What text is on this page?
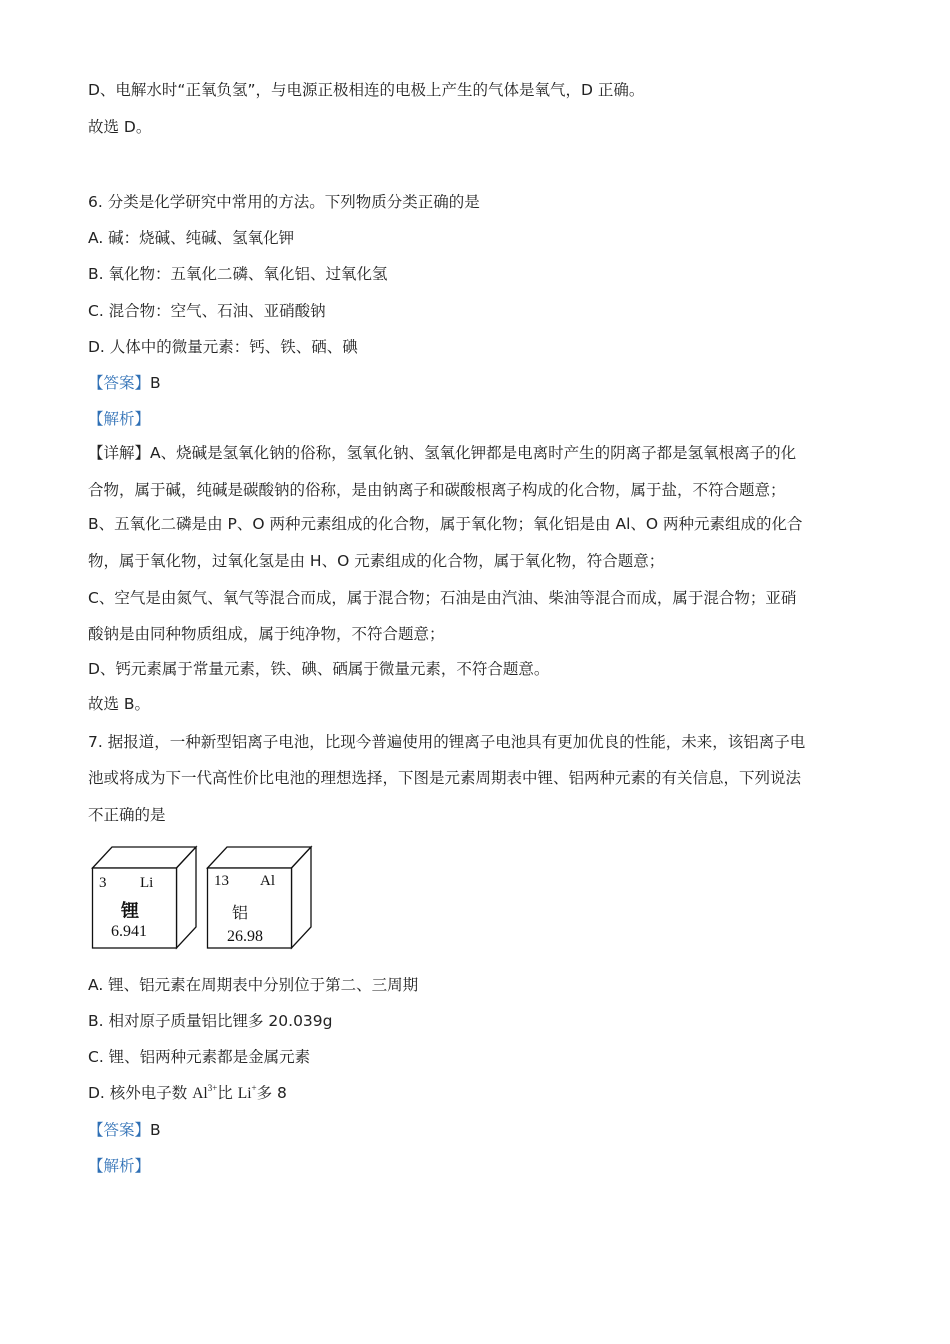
D、电解水时“正氧负氢”，与电源正极相连的电极上产生的气体是氧气，D 正确。

故选 D。

6. 分类是化学研究中常用的方法。下列物质分类正确的是

A. 碱：烧碱、纯碱、氢氧化钾

B. 氧化物：五氧化二磷、氧化铝、过氧化氢

C. 混合物：空气、石油、亚硝酸钠

D. 人体中的微量元素：钙、铁、硒、碘

【答案】B

【解析】

【详解】A、烧碱是氢氧化钠的俗称，氢氧化钠、氢氧化钾都是电离时产生的阴离子都是氢氧根离子的化

合物，属于碱，纯碱是碳酸钠的俗称，是由钠离子和碳酸根离子构成的化合物，属于盐，不符合题意；

B、五氧化二磷是由 P、O 两种元素组成的化合物，属于氧化物；氧化铝是由 Al、O 两种元素组成的化合

物，属于氧化物，过氧化氢是由 H、O 元素组成的化合物，属于氧化物，符合题意；

C、空气是由氮气、氧气等混合而成，属于混合物；石油是由汽油、柴油等混合而成，属于混合物；亚硝

酸钠是由同种物质组成，属于纯净物，不符合题意；

D、钙元素属于常量元素，铁、碘、硒属于微量元素，不符合题意。

故选 B。

7. 据报道，一种新型铝离子电池，比现今普遍使用的锂离子电池具有更加优良的性能，未来，该铝离子电

池或将成为下一代高性价比电池的理想选择，下图是元素周期表中锂、铝两种元素的有关信息，下列说法

不正确的是

3 Li
锂
6.941
13 Al
铝
26.98

A. 锂、铝元素在周期表中分别位于第二、三周期

B. 相对原子质量铝比锂多 20.039g

C. 锂、铝两种元素都是金属元素

D. 核外电子数 $Al^{3+}$比 Li+多 8

【答案】B

【解析】
